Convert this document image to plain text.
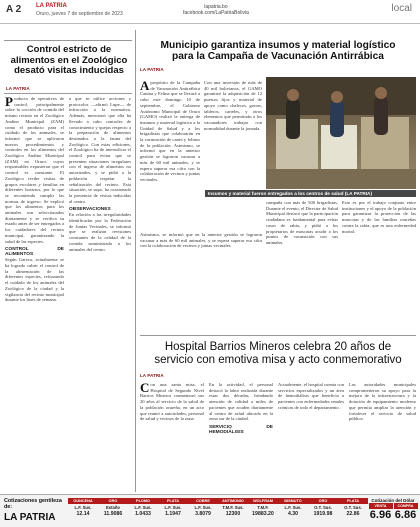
A 2 LA PATRIA
Oruro, jueves 7 de septiembre de 2023
lapatria.bo
facebook.com/LaPatriaBolivia	local
Control estricto de alimentos en el Zoológico desató visitas inducidas
LA PATRIA
Producto de operativos de control, principalmente sobre la cocción de comida del mismo recinto en el Zoológico Andino Municipal (ZAM) como el producto para el cuidado de los animales, se informó que se aplicaron nuevos procedimientos y controles en los alimentos del Zoológico Andino Municipal (ZAM) en Oruro, cuyos responsables expusieron que el control es constante. El Zoológico recibe visitas de grupos escolares y familias en diferentes horarios, por lo que se recomienda cumplir las normas de ingreso. Se explicó que los alimentos para los animales son seleccionados diariamente y se verifica su estado antes de ser entregados a los cuidadores del recinto municipal, garantizando la salud de las especies.
CONTROL DE ALIMENTOS
Según Gareca, actualmente se ha logrado cubrir el control de la alimentación de las diferentes especies, reforzando el cuidado de los animales del Zoológico de la ciudad y la vigilancia del recinto municipal durante los fines de semana.
a que se utilice acciones y protocolos —afirmó Lupe— de infracción a la normativa. Además, mencionó que ella ha llevado a cabo controles de conocimiento y quejas respecto a la preparación de alimentos destinados a la fauna del Zoológico. Con estas ediciones, el Zoológico ha de intensificar el control para evitar que se presenten situaciones irregulares con el ingreso de alimentos no autorizados, y se pidió a la población respetar la señalización del recinto. Esta situación, se supo, ha ocasionado la presencia de visitas inducidas al centro.
OBSERVACIONES
En relación a las irregularidades identificadas por la Federación de Juntas Vecinales, se informó que se realizan revisiones constantes de la calidad de la comida suministrada a los animales del centro.
Municipio garantiza insumos y material logístico
para la Campaña de Vacunación Antirrábica
LA PATRIA
Apropósito de la Campaña de Vacunación Antirrábica Canina y Felina que se llevará a cabo este domingo 10 de septiembre, el Gobierno Autónomo Municipal de Oruro (GAMO) realizó la entrega de insumos y material logístico a la Unidad de Salud y a los brigadistas que colaborarán en la vacunación de canes y felinos de la población. Asimismo, se informó que en la anterior gestión se lograron vacunar a más de 60 mil animales, y se espera superar esa cifra con la colaboración de vecinos y juntas vecinales.
Con una inversión de más de 40 mil bolivianos, el GAMO garantizó la adquisición de 12 puestos fijos y material de apoyo como chalecos, gorras, tableros, carteles, y otros elementos que permitirán a los vacunadores trabajar con normalidad durante la jornada.
Insumos y material fueron entregados a los centros de salud (LA PATRIA)
campaña con más de 500 brigadistas. Durante el evento, el Director de Salud Municipal destacó que la participación ciudadana es fundamental para evitar casos de rabia, y pidió a los propietarios de mascotas acudir a los puntos de vacunación con sus animales.
Esto es por el trabajo conjunto entre instituciones y el apoyo de la población para garantizar la protección de las mascotas y de las familias orureñas contra la rabia, que es una enfermedad mortal.
Asimismo, se informó que en la anterior gestión se lograron vacunar a más de 60 mil animales, y se espera superar esa cifra con la colaboración de vecinos y juntas vecinales.
Hospital Barrios Mineros celebra 20 años de
servicio con emotiva misa y acto conmemorativo
LA PATRIA
Con una santa misa, el Hospital de Segundo Nivel Barrios Mineros conmemoró sus 20 años al servicio de la salud de la población orureña, en un acto que reunió a autoridades, personal de salud y vecinos de la zona.
En la actividad, el personal destacó la labor realizada durante estas dos décadas, brindando atención de calidad a miles de pacientes que acuden diariamente al centro de salud ubicado en la zona sur de la ciudad.
SERVICIO DE HEMODIÁLISIS
Actualmente, el hospital cuenta con servicios especializados y un área de hemodiálisis que beneficia a pacientes con enfermedades renales crónicas de todo el departamento.
Las autoridades municipales comprometieron su apoyo para la mejora de la infraestructura y la dotación de equipamiento moderno que permita ampliar la atención y fortalecer el servicio de salud pública.
Cotizaciones gentileza de:
LA PATRIA
OUNCENA
L.F. Sus.
12.14
ORO
Estaño
11.9086
PLOMO
L.F. Sus.
1.0433
PLATA
L.F. Sus.
1.1947
COBRE
L.F. Sus.
3.8079
ANTIMONIO
T.M.F. Sus.
12300
WOLFRAM
T.M.F.
19883.20
BISMUTO
L.F. Sus.
4.30
ORO
O.T. Sus.
1919.98
PLATA
O.T. Sus.
22.86
Cotización del Dólar
VENTA	COMPRA
6.96 6.86
